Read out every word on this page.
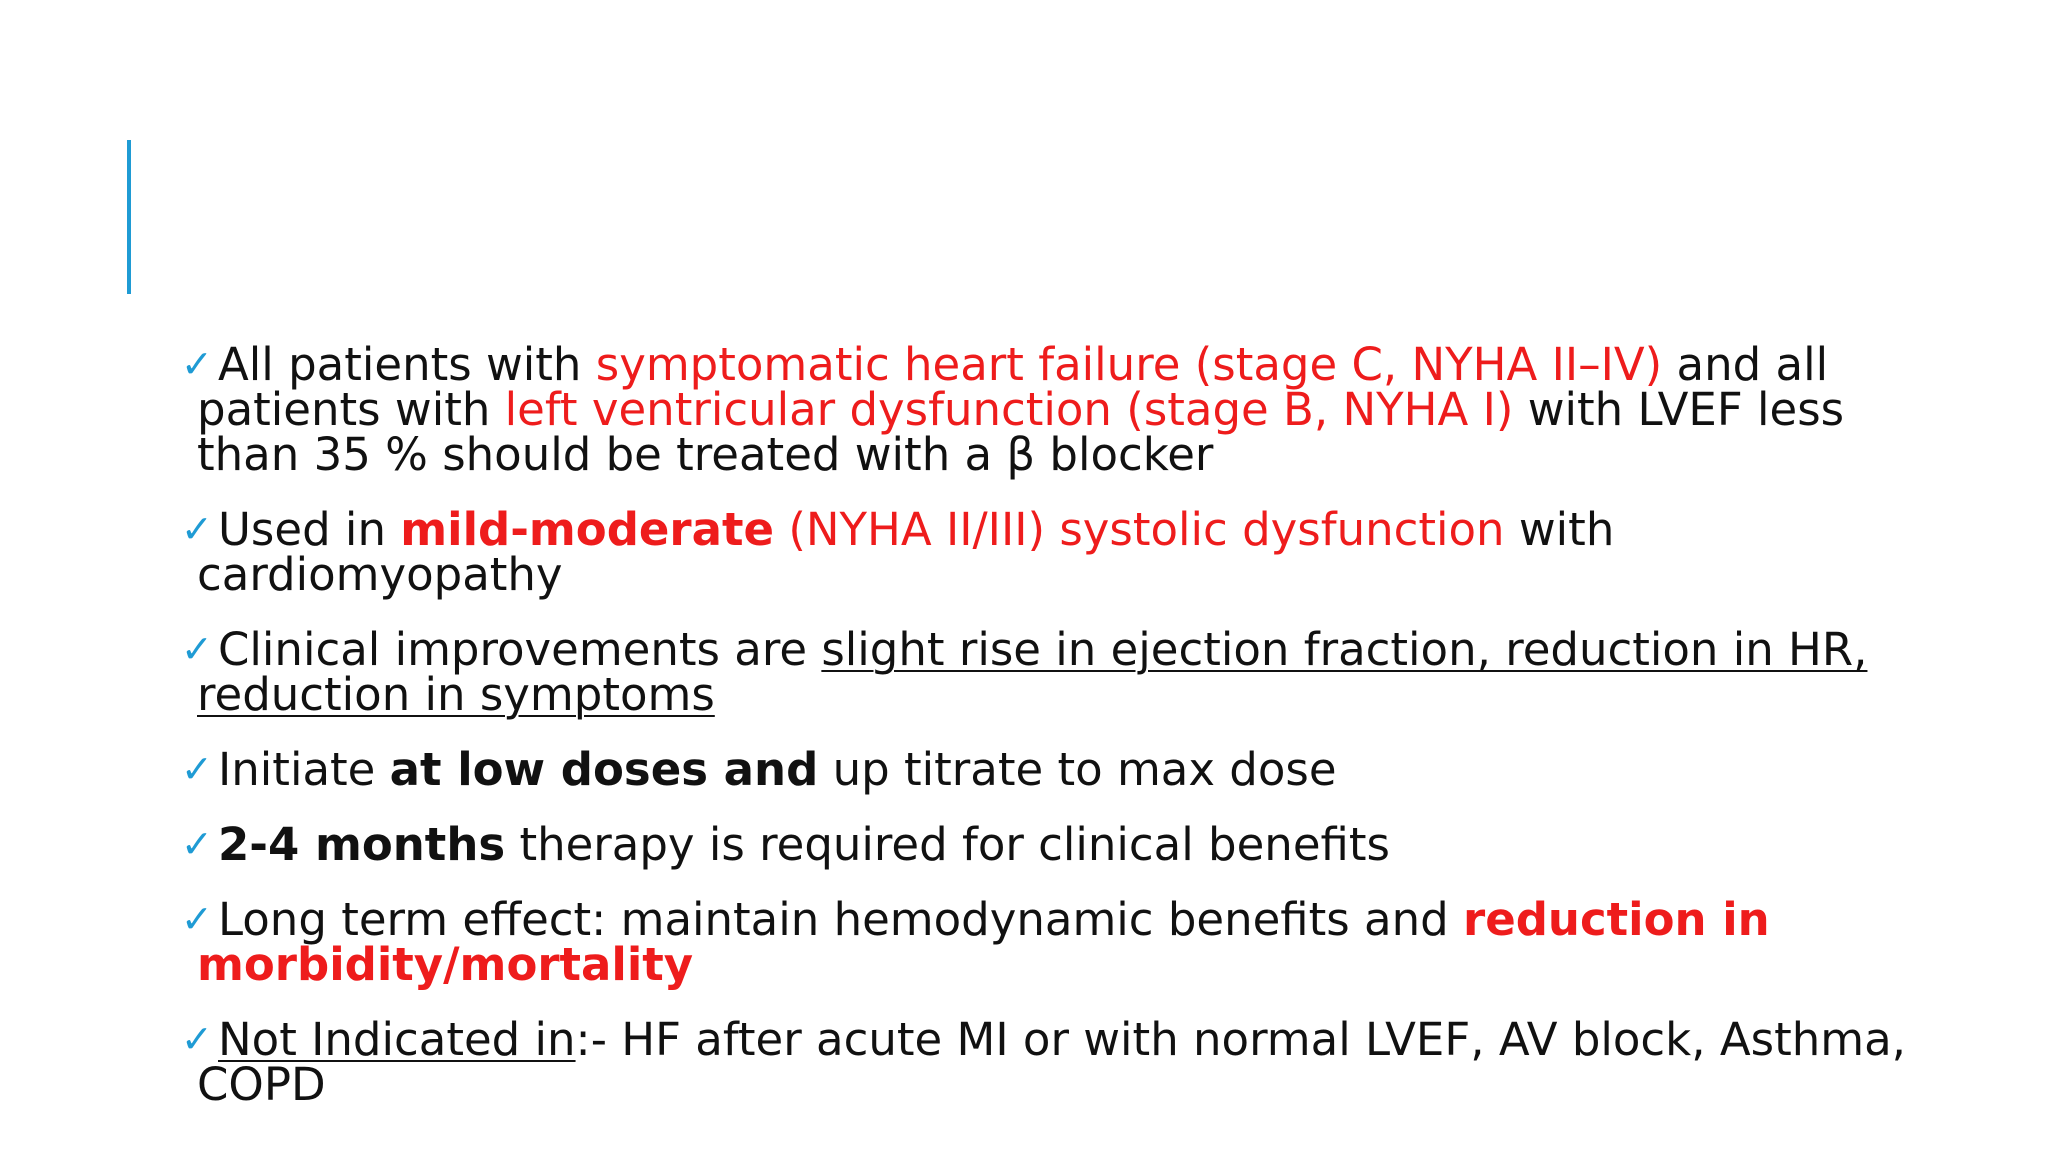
✓ All patients with symptomatic heart failure (stage C, NYHA II–IV) and all patients with left ventricular dysfunction (stage B, NYHA I) with LVEF less than 35 % should be treated with a β blocker
✓ Used in mild-moderate (NYHA II/III) systolic dysfunction with cardiomyopathy
✓ Clinical improvements are slight rise in ejection fraction, reduction in HR, reduction in symptoms
✓ Initiate at low doses and up titrate to max dose
✓ 2-4 months therapy is required for clinical benefits
✓ Long term effect: maintain hemodynamic benefits and reduction in morbidity/mortality
✓ Not Indicated in:- HF after acute MI or with normal LVEF, AV block, Asthma, COPD
